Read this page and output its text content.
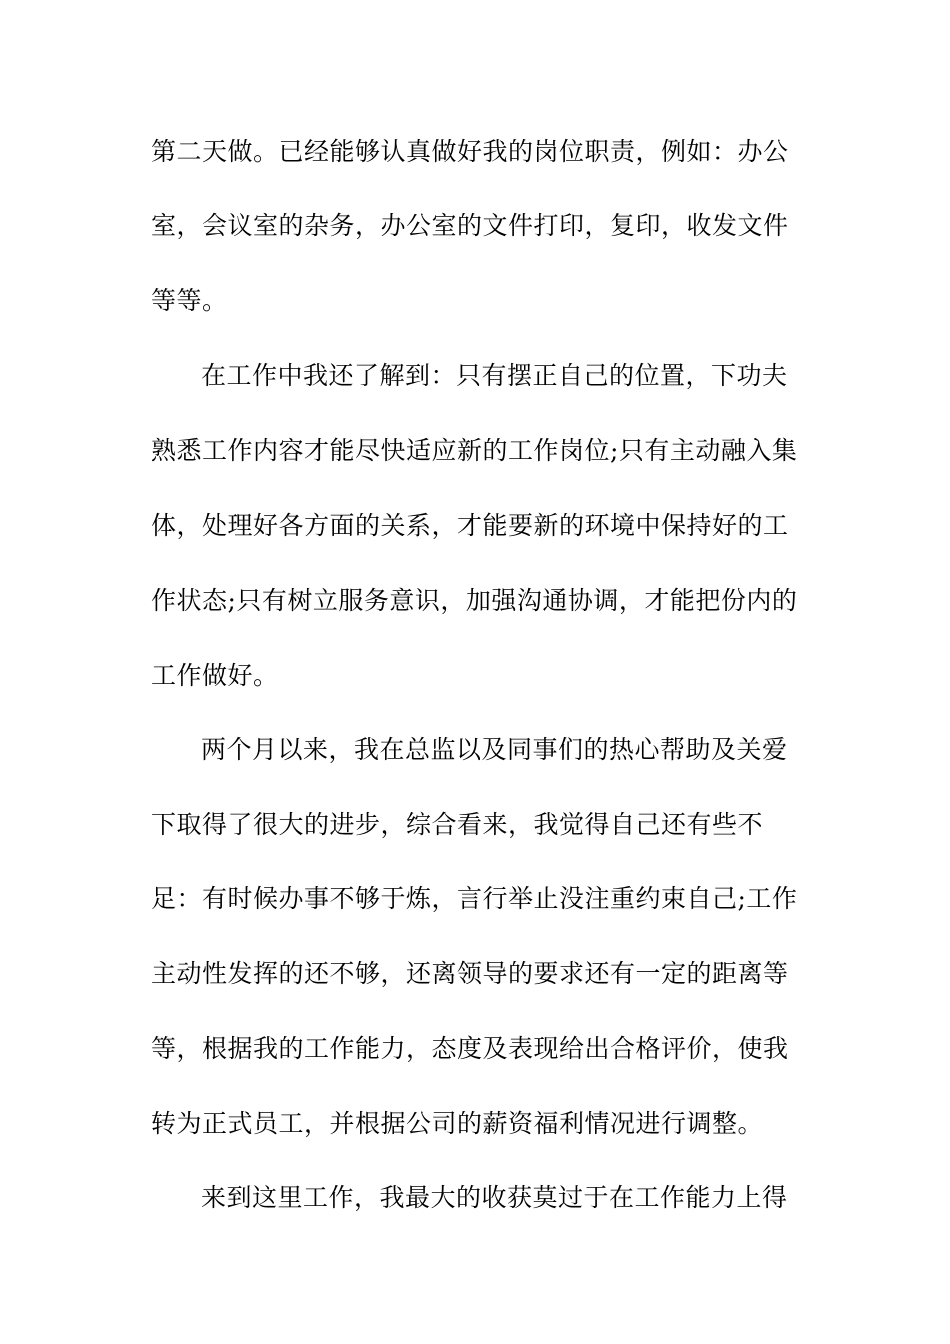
第二天做。已经能够认真做好我的岗位职责，例如：办公
室，会议室的杂务，办公室的文件打印，复印，收发文件
等等。
在工作中我还了解到：只有摆正自己的位置，下功夫
熟悉工作内容才能尽快适应新的工作岗位;只有主动融入集
体，处理好各方面的关系，才能要新的环境中保持好的工
作状态;只有树立服务意识，加强沟通协调，才能把份内的
工作做好。
两个月以来，我在总监以及同事们的热心帮助及关爱
下取得了很大的进步，综合看来，我觉得自己还有些不
足：有时候办事不够于炼，言行举止没注重约束自己;工作
主动性发挥的还不够，还离领导的要求还有一定的距离等
等，根据我的工作能力，态度及表现给出合格评价，使我
转为正式员工，并根据公司的薪资福利情况进行调整。
来到这里工作，我最大的收获莫过于在工作能力上得
